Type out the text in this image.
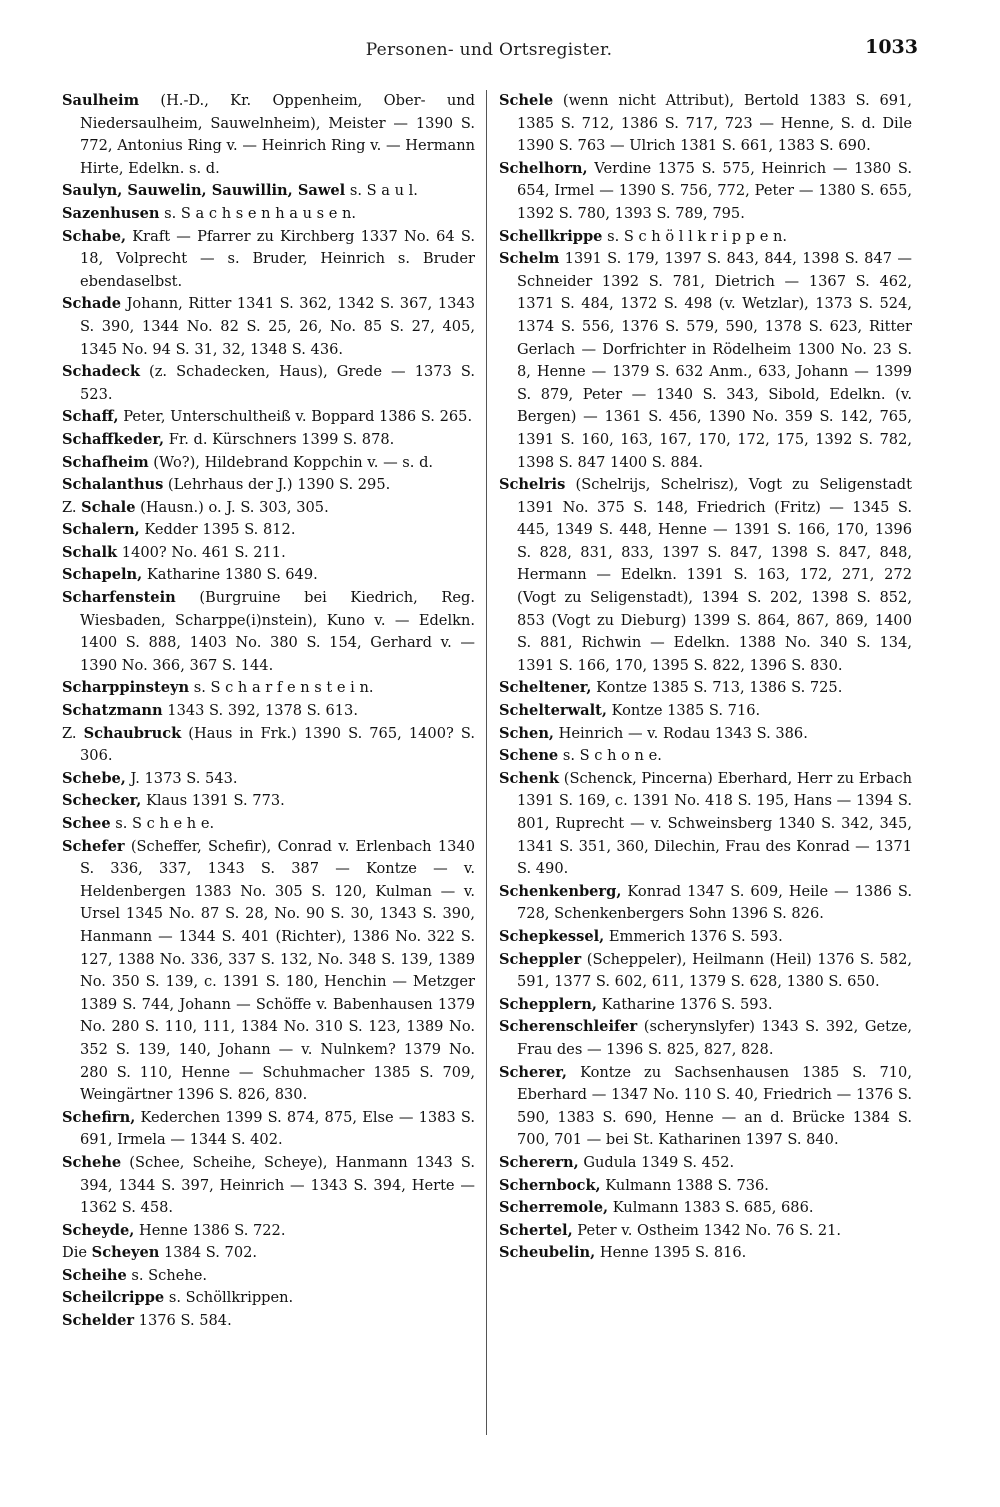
Personen- und Ortsregister.	1033

Saulheim (H.-D., Kr. Oppenheim, Ober- und Niedersaulheim, Sauwelnheim), Meister — 1390 S. 772, Antonius Ring v. — Heinrich Ring v. — Hermann Hirte, Edelkn. s. d.

Saulyn, Sauwelin, Sauwillin, Sawel s. S a u l.

Sazenhusen s. S a c h s e n h a u s e n.

Schabe, Kraft — Pfarrer zu Kirchberg 1337 No. 64 S. 18, Volprecht — s. Bruder, Heinrich s. Bruder ebendaselbst.

Schade Johann, Ritter 1341 S. 362, 1342 S. 367, 1343 S. 390, 1344 No. 82 S. 25, 26, No. 85 S. 27, 405, 1345 No. 94 S. 31, 32, 1348 S. 436.

Schadeck (z. Schadecken, Haus), Grede — 1373 S. 523.

Schaff, Peter, Unterschultheiß v. Boppard 1386 S. 265.

Schaffkeder, Fr. d. Kürschners 1399 S. 878.

Schafheim (Wo?), Hildebrand Koppchin v. — s. d.

Schalanthus (Lehrhaus der J.) 1390 S. 295.

Z. Schale (Hausn.) o. J. S. 303, 305.

Schalern, Kedder 1395 S. 812.

Schalk 1400? No. 461 S. 211.

Schapeln, Katharine 1380 S. 649.

Scharfenstein (Burgruine bei Kiedrich, Reg. Wiesbaden, Scharppe(i)nstein), Kuno v. — Edelkn. 1400 S. 888, 1403 No. 380 S. 154, Gerhard v. — 1390 No. 366, 367 S. 144.

Scharppinsteyn s. S c h a r f e n s t e i n.

Schatzmann 1343 S. 392, 1378 S. 613.

Z. Schaubruck (Haus in Frk.) 1390 S. 765, 1400? S. 306.

Schebe, J. 1373 S. 543.

Schecker, Klaus 1391 S. 773.

Schee s. S c h e h e.

Schefer (Scheffer, Schefir), Conrad v. Erlenbach 1340 S. 336, 337, 1343 S. 387 — Kontze — v. Heldenbergen 1383 No. 305 S. 120, Kulman — v. Ursel 1345 No. 87 S. 28, No. 90 S. 30, 1343 S. 390, Hanmann — 1344 S. 401 (Richter), 1386 No. 322 S. 127, 1388 No. 336, 337 S. 132, No. 348 S. 139, 1389 No. 350 S. 139, c. 1391 S. 180, Henchin — Metzger 1389 S. 744, Johann — Schöffe v. Babenhausen 1379 No. 280 S. 110, 111, 1384 No. 310 S. 123, 1389 No. 352 S. 139, 140, Johann — v. Nulnkem? 1379 No. 280 S. 110, Henne — Schuhmacher 1385 S. 709, Weingärtner 1396 S. 826, 830.

Schefirn, Kederchen 1399 S. 874, 875, Else — 1383 S. 691, Irmela — 1344 S. 402.

Schehe (Schee, Scheihe, Scheye), Hanmann 1343 S. 394, 1344 S. 397, Heinrich — 1343 S. 394, Herte — 1362 S. 458.

Scheyde, Henne 1386 S. 722.

Die Scheyen 1384 S. 702.

Scheihe s. Schehe.

Scheilcrippe s. Schöllkrippen.

Schelder 1376 S. 584.

Schele (wenn nicht Attribut), Bertold 1383 S. 691, 1385 S. 712, 1386 S. 717, 723 — Henne, S. d. Dile 1390 S. 763 — Ulrich 1381 S. 661, 1383 S. 690.

Schelhorn, Verdine 1375 S. 575, Heinrich — 1380 S. 654, Irmel — 1390 S. 756, 772, Peter — 1380 S. 655, 1392 S. 780, 1393 S. 789, 795.

Schellkrippe s. S c h ö l l k r i p p e n.

Schelm 1391 S. 179, 1397 S. 843, 844, 1398 S. 847 — Schneider 1392 S. 781, Dietrich — 1367 S. 462, 1371 S. 484, 1372 S. 498 (v. Wetzlar), 1373 S. 524, 1374 S. 556, 1376 S. 579, 590, 1378 S. 623, Ritter Gerlach — Dorfrichter in Rödelheim 1300 No. 23 S. 8, Henne — 1379 S. 632 Anm., 633, Johann — 1399 S. 879, Peter — 1340 S. 343, Sibold, Edelkn. (v. Bergen) — 1361 S. 456, 1390 No. 359 S. 142, 765, 1391 S. 160, 163, 167, 170, 172, 175, 1392 S. 782, 1398 S. 847 1400 S. 884.

Schelris (Schelrijs, Schelrisz), Vogt zu Seligenstadt 1391 No. 375 S. 148, Friedrich (Fritz) — 1345 S. 445, 1349 S. 448, Henne — 1391 S. 166, 170, 1396 S. 828, 831, 833, 1397 S. 847, 1398 S. 847, 848, Hermann — Edelkn. 1391 S. 163, 172, 271, 272 (Vogt zu Seligenstadt), 1394 S. 202, 1398 S. 852, 853 (Vogt zu Dieburg) 1399 S. 864, 867, 869, 1400 S. 881, Richwin — Edelkn. 1388 No. 340 S. 134, 1391 S. 166, 170, 1395 S. 822, 1396 S. 830.

Scheltener, Kontze 1385 S. 713, 1386 S. 725.

Schelterwalt, Kontze 1385 S. 716.

Schen, Heinrich — v. Rodau 1343 S. 386.

Schene s. S c h o n e.

Schenk (Schenck, Pincerna) Eberhard, Herr zu Erbach 1391 S. 169, c. 1391 No. 418 S. 195, Hans — 1394 S. 801, Ruprecht — v. Schweinsberg 1340 S. 342, 345, 1341 S. 351, 360, Dilechin, Frau des Konrad — 1371 S. 490.

Schenkenberg, Konrad 1347 S. 609, Heile — 1386 S. 728, Schenkenbergers Sohn 1396 S. 826.

Schepkessel, Emmerich 1376 S. 593.

Scheppler (Scheppeler), Heilmann (Heil) 1376 S. 582, 591, 1377 S. 602, 611, 1379 S. 628, 1380 S. 650.

Schepplern, Katharine 1376 S. 593.

Scherenschleifer (scherynslyfer) 1343 S. 392, Getze, Frau des — 1396 S. 825, 827, 828.

Scherer, Kontze zu Sachsenhausen 1385 S. 710, Eberhard — 1347 No. 110 S. 40, Friedrich — 1376 S. 590, 1383 S. 690, Henne — an d. Brücke 1384 S. 700, 701 — bei St. Katharinen 1397 S. 840.

Scherern, Gudula 1349 S. 452.

Schernbock, Kulmann 1388 S. 736.

Scherremole, Kulmann 1383 S. 685, 686.

Schertel, Peter v. Ostheim 1342 No. 76 S. 21.

Scheubelin, Henne 1395 S. 816.
